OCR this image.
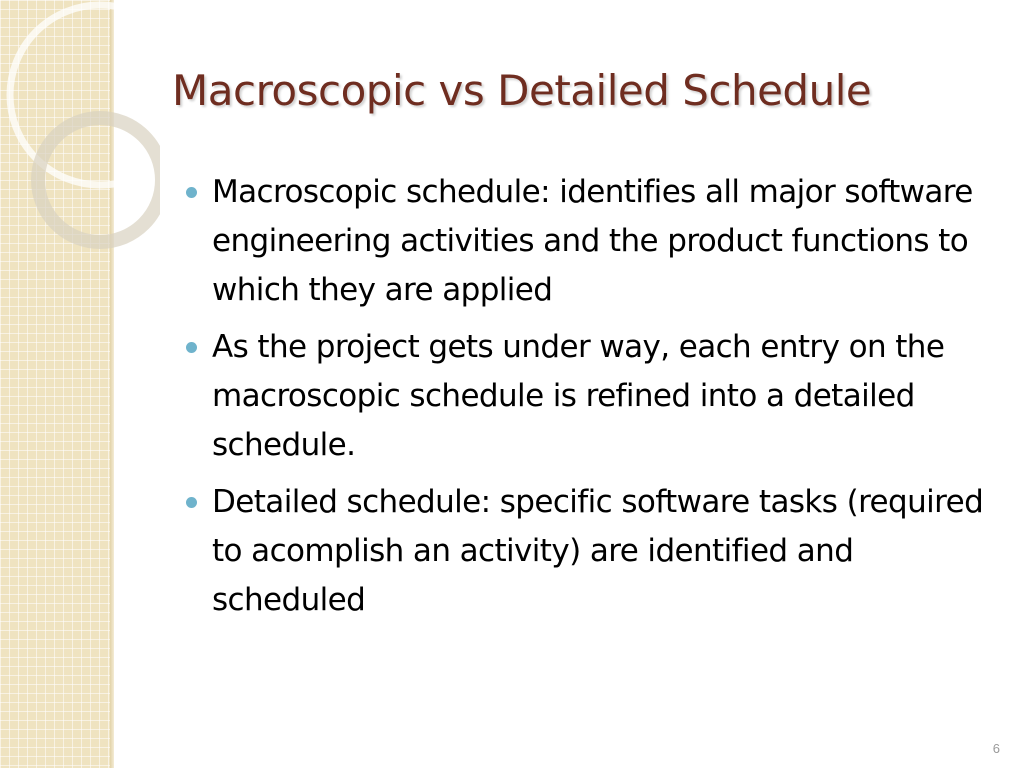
Macroscopic vs Detailed Schedule
Macroscopic schedule: identifies all major software engineering activities and the product functions to which they are applied
As the project gets under way, each entry on the macroscopic schedule is refined into a detailed schedule.
Detailed schedule: specific software tasks (required to acomplish an activity) are identified and scheduled
6
